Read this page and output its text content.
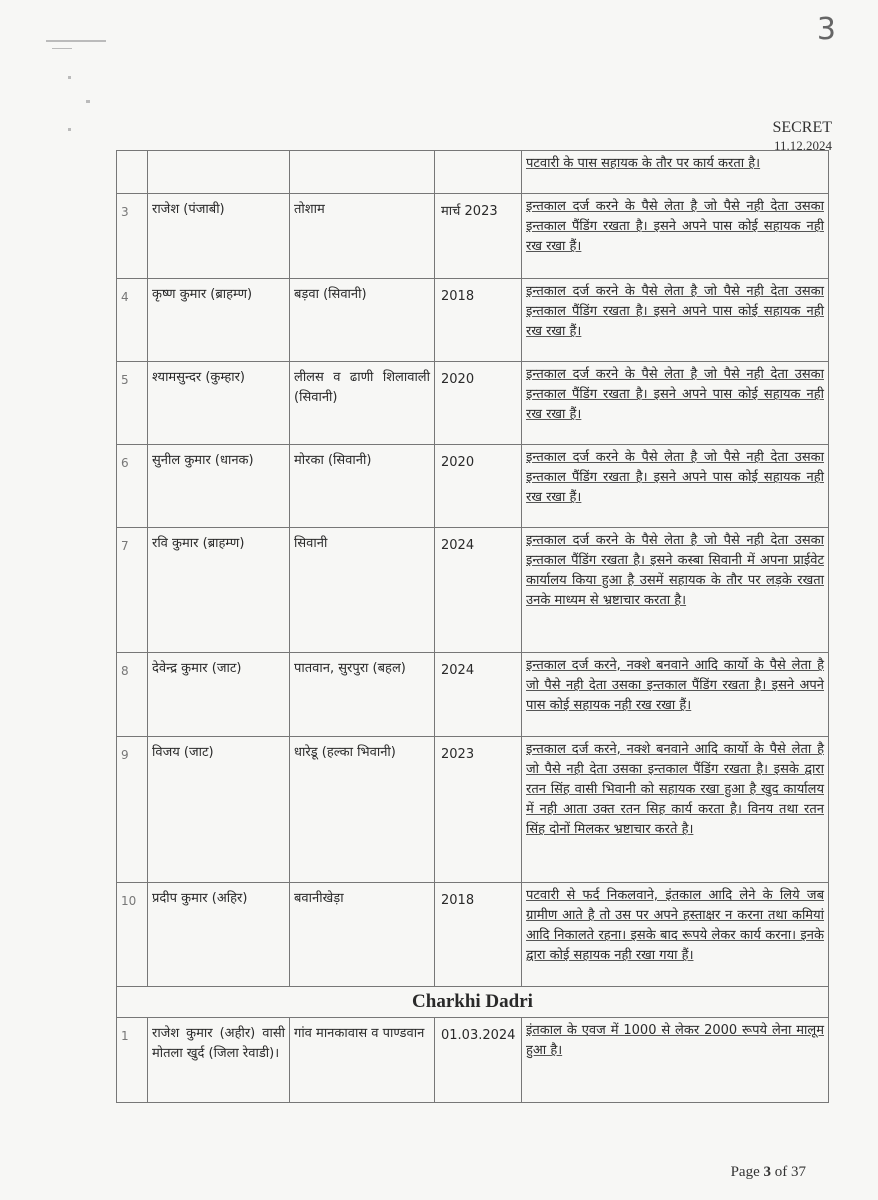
3
SECRET
11.12.2024
				पटवारी के पास सहायक के तौर पर कार्य करता है।
3	राजेश (पंजाबी)	तोशाम	मार्च 2023	इन्तकाल दर्ज करने के पैसे लेता है जो पैसे नही देता उसका इन्तकाल पैंडिंग रखता है। इसने अपने पास कोई सहायक नही रख रखा हैं।
4	कृष्ण कुमार (ब्राहम्ण)	बड़वा (सिवानी)	2018	इन्तकाल दर्ज करने के पैसे लेता है जो पैसे नही देता उसका इन्तकाल पैंडिंग रखता है। इसने अपने पास कोई सहायक नही रख रखा हैं।
5	श्यामसुन्दर (कुम्हार)	लीलस व ढाणी शिलावाली (सिवानी)	2020	इन्तकाल दर्ज करने के पैसे लेता है जो पैसे नही देता उसका इन्तकाल पैंडिंग रखता है। इसने अपने पास कोई सहायक नही रख रखा हैं।
6	सुनील कुमार (धानक)	मोरका (सिवानी)	2020	इन्तकाल दर्ज करने के पैसे लेता है जो पैसे नही देता उसका इन्तकाल पैंडिंग रखता है। इसने अपने पास कोई सहायक नही रख रखा हैं।
7	रवि कुमार (ब्राहम्ण)	सिवानी	2024	इन्तकाल दर्ज करने के पैसे लेता है जो पैसे नही देता उसका इन्तकाल पैंडिंग रखता है। इसने कस्बा सिवानी में अपना प्राईवेट कार्यालय किया हुआ है उसमें सहायक के तौर पर लड़के रखता उनके माध्यम से भ्रष्टाचार करता है।
8	देवेन्द्र कुमार (जाट)	पातवान, सुरपुरा (बहल)	2024	इन्तकाल दर्ज करने, नक्शे बनवाने आदि कार्यो के पैसे लेता है जो पैसे नही देता उसका इन्तकाल पैंडिंग रखता है। इसने अपने पास कोई सहायक नही रख रखा हैं।
9	विजय (जाट)	धारेडू (हल्का भिवानी)	2023	इन्तकाल दर्ज करने, नक्शे बनवाने आदि कार्यो के पैसे लेता है जो पैसे नही देता उसका इन्तकाल पैंडिंग रखता है। इसके द्वारा रतन सिंह वासी भिवानी को सहायक रखा हुआ है खुद कार्यालय में नही आता उक्त रतन सिह कार्य करता है। विनय तथा रतन सिंह दोनों मिलकर भ्रष्टाचार करते है।
10	प्रदीप कुमार (अहिर)	बवानीखेड़ा	2018	पटवारी से फर्द निकलवाने, इंतकाल आदि लेने के लिये जब ग्रामीण आते है तो उस पर अपने हस्ताक्षर न करना तथा कमियां आदि निकालते रहना। इसके बाद रूपये लेकर कार्य करना। इनके द्वारा कोई सहायक नही रखा गया हैं।
Charkhi Dadri				
1	राजेश कुमार (अहीर) वासी मोतला खुर्द (जिला रेवाडी)।	गांव मानकावास व पाण्डवान	01.03.2024	इंतकाल के एवज में 1000 से लेकर 2000 रूपये लेना मालूम हुआ है।
Page 3 of 37
